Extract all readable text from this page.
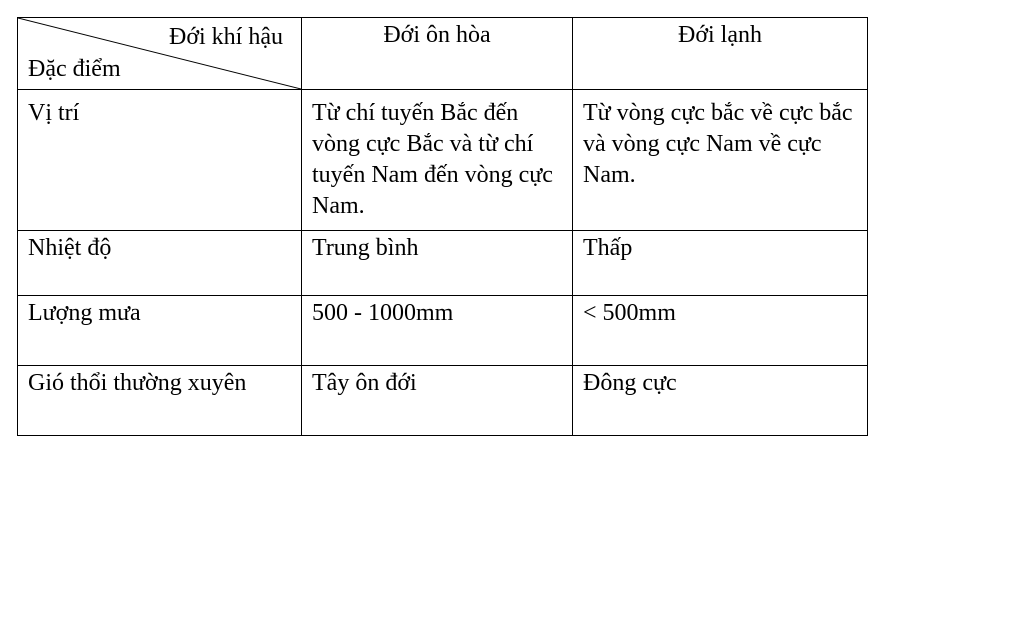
Đới khí hậu
Đặc điểm	Đới ôn hòa	Đới lạnh
Vị trí	Từ chí tuyến Bắc đến vòng cực Bắc và từ chí tuyến Nam đến vòng cực Nam.	Từ vòng cực bắc về cực bắc và vòng cực Nam về cực Nam.
Nhiệt độ	Trung bình	Thấp
Lượng mưa	500 - 1000mm	< 500mm
Gió thổi thường xuyên	Tây ôn đới	Đông cực
